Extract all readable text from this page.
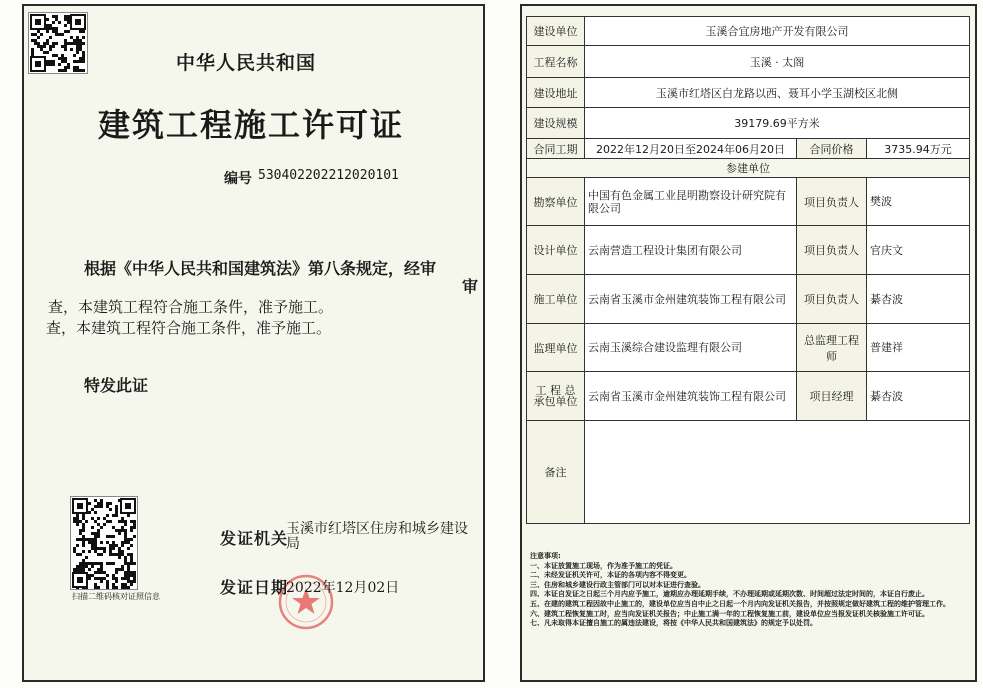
中华人民共和国
建筑工程施工许可证
编号 530402202212020101
根据《中华人民共和国建筑法》第八条规定，经审
审
查，本建筑工程符合施工条件，准予施工。
查，本建筑工程符合施工条件，准予施工。
特发此证
扫描二维码核对证照信息
发证机关
玉溪市红塔区住房和城乡建设局
发证日期
2022年12月02日
建设单位	玉溪合宜房地产开发有限公司		
工程名称	玉溪 · 太阁		
建设地址	玉溪市红塔区白龙路以西、聂耳小学玉湖校区北侧		
建设规模	39179.69平方米		
合同工期	2022年12月20日至2024年06月20日	合同价格	3735.94万元
参建单位			
勘察单位	中国有色金属工业昆明勘察设计研究院有限公司	项目负责人	樊波
设计单位	云南营造工程设计集团有限公司	项目负责人	官庆文
施工单位	云南省玉溪市金州建筑装饰工程有限公司	项目负责人	綦杏波
监理单位	云南玉溪综合建设监理有限公司	总监理工程师	普建祥
工 程 总
承包单位	云南省玉溪市金州建筑装饰工程有限公司	项目经理	綦杏波
备注			
注意事项:
一、本证放置施工现场，作为准予施工的凭证。
二、未经发证机关许可，本证的各项内容不得变更。
三、住房和城乡建设行政主管部门可以对本证进行查验。
四、本证自发证之日起三个月内应予施工，逾期应办理延期手续，不办理延期或延期次数、时间超过法定时间的，本证自行废止。
五、在建的建筑工程因故中止施工的，建设单位应当自中止之日起一个月内向发证机关报告，并按照规定做好建筑工程的维护管理工作。
六、建筑工程恢复施工时，应当向发证机关报告；中止施工满一年的工程恢复施工前，建设单位应当报发证机关核验施工许可证。
七、凡未取得本证擅自施工的属违法建设，将按《中华人民共和国建筑法》的规定予以处罚。
